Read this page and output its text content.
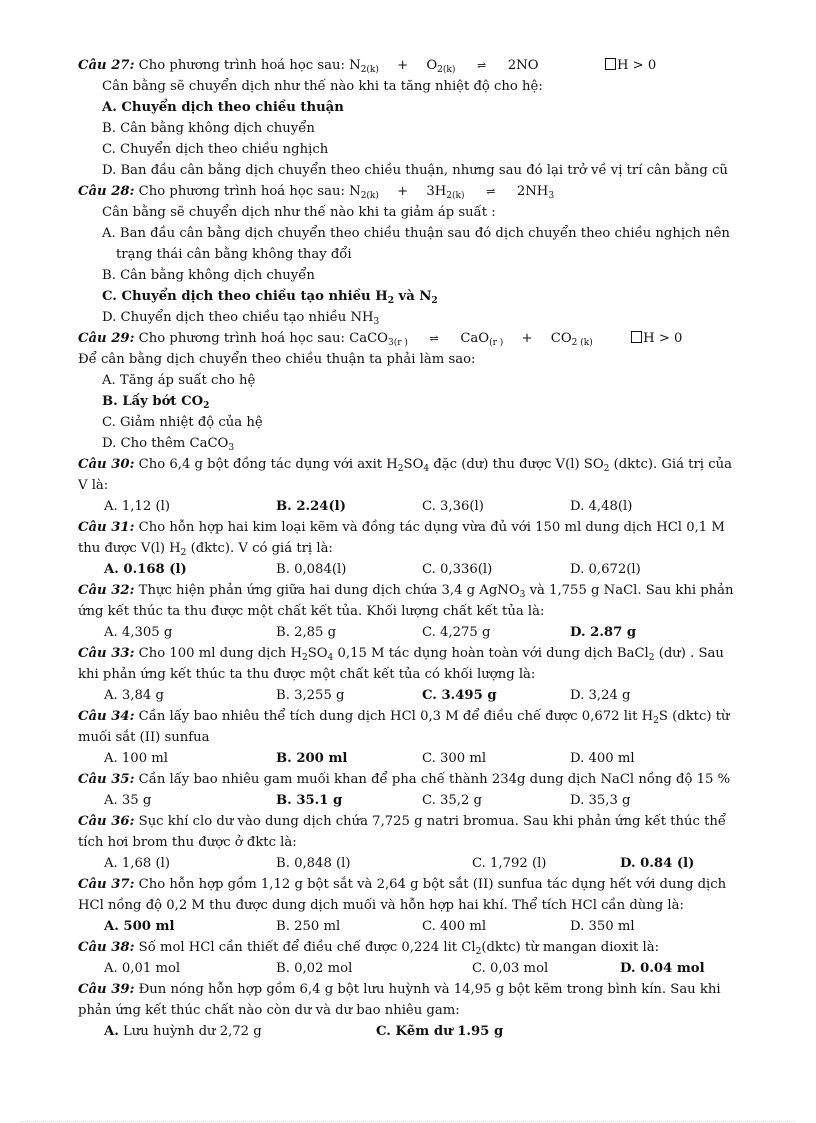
Câu 27: Cho phương trình hoá học sau: $N_{2(k)} + O_{2(k)}$ ⇌ 2NO	H > 0
Cân bằng sẽ chuyển dịch như thế nào khi ta tăng nhiệt độ cho hệ:
A. Chuyển dịch theo chiều thuận
B. Cân bằng không dịch chuyển
C. Chuyển dịch theo chiều nghịch
D. Ban đầu cân bằng dịch chuyển theo chiều thuận, nhưng sau đó lại trở về vị trí cân bằng cũ
Câu 28: Cho phương trình hoá học sau: $N_{2(k)} + 3H_{2(k)}$ ⇌ $2NH_3$
Cân bằng sẽ chuyển dịch như thế nào khi ta giảm áp suất :
A. Ban đầu cân bằng dịch chuyển theo chiều thuận sau đó dịch chuyển theo chiều nghịch nên
trạng thái cân bằng không thay đổi
B. Cân bằng không dịch chuyển
C. Chuyển dịch theo chiều tạo nhiều $H_2$ và $N_2$
D. Chuyển dịch theo chiều tạo nhiều $NH_3$
Câu 29: Cho phương trình hoá học sau: CaCO$_{3(r )}$ ⇌ $CaO_{(r )} + CO_{2 (k)}$	H > 0
Để cân bằng dịch chuyển theo chiều thuận ta phải làm sao:
A. Tăng áp suất cho hệ
B. Lấy bớt $CO_2$
C. Giảm nhiệt độ của hệ
D. Cho thêm CaCO$_3$
Câu 30: Cho 6,4 g bột đồng tác dụng với axit $H_2SO_4$ đặc (dư) thu được V(l) $SO_2$ (dktc). Giá trị của
V là:
A. 1,12 (l)	B. 2.24(l)	C. 3,36(l)	D. 4,48(l)
Câu 31: Cho hỗn hợp hai kim loại kẽm và đồng tác dụng vừa đủ với 150 ml dung dịch HCl 0,1 M
thu được V(l) $H_2$ (đktc). V có giá trị là:
A. 0.168 (l)	B. 0,084(l)	C. 0,336(l)	D. 0,672(l)
Câu 32: Thực hiện phản ứng giữa hai dung dịch chứa 3,4 g AgNO$_3$ và 1,755 g NaCl. Sau khi phản
ứng kết thúc ta thu được một chất kết tủa. Khối lượng chất kết tủa là:
A. 4,305 g	B. 2,85 g	C. 4,275 g	D. 2.87 g
Câu 33: Cho 100 ml dung dịch $H_2SO_4$ 0,15 M tác dụng hoàn toàn với dung dịch BaCl$_2$ (dư) . Sau
khi phản ứng kết thúc ta thu được một chất kết tủa có khối lượng là:
A. 3,84 g	B. 3,255 g	C. 3.495 g	D. 3,24 g
Câu 34: Cần lấy bao nhiêu thể tích dung dịch HCl 0,3 M để điều chế được 0,672 lit $H_2S$ (dktc) từ
muối sắt (II) sunfua
A. 100 ml	B. 200 ml	C. 300 ml	D. 400 ml
Câu 35: Cần lấy bao nhiêu gam muối khan để pha chế thành 234g dung dịch NaCl nồng độ 15 %
A. 35 g	B. 35.1 g	C. 35,2 g	D. 35,3 g
Câu 36: Sục khí clo dư vào dung dịch chứa 7,725 g natri bromua. Sau khi phản ứng kết thúc thể
tích hơi brom thu được ở đktc là:
A. 1,68 (l)	B. 0,848 (l)	C. 1,792 (l)	D. 0.84 (l)
Câu 37: Cho hỗn hợp gồm 1,12 g bột sắt và 2,64 g bột sắt (II) sunfua tác dụng hết với dung dịch
HCl nồng độ 0,2 M thu được dung dịch muối và hỗn hợp hai khí. Thể tích HCl cần dùng là:
A. 500 ml	B. 250 ml	C. 400 ml	D. 350 ml
Câu 38: Số mol HCl cần thiết để điều chế được 0,224 lit $Cl_2(dktc)$ từ mangan dioxit là:
A. 0,01 mol	B. 0,02 mol	C. 0,03 mol	D. 0.04 mol
Câu 39: Đun nóng hỗn hợp gồm 6,4 g bột lưu huỳnh và 14,95 g bột kẽm trong bình kín. Sau khi
phản ứng kết thúc chất nào còn dư và dư bao nhiêu gam:
A. Lưu huỳnh dư 2,72 g	C. Kẽm dư 1.95 g
